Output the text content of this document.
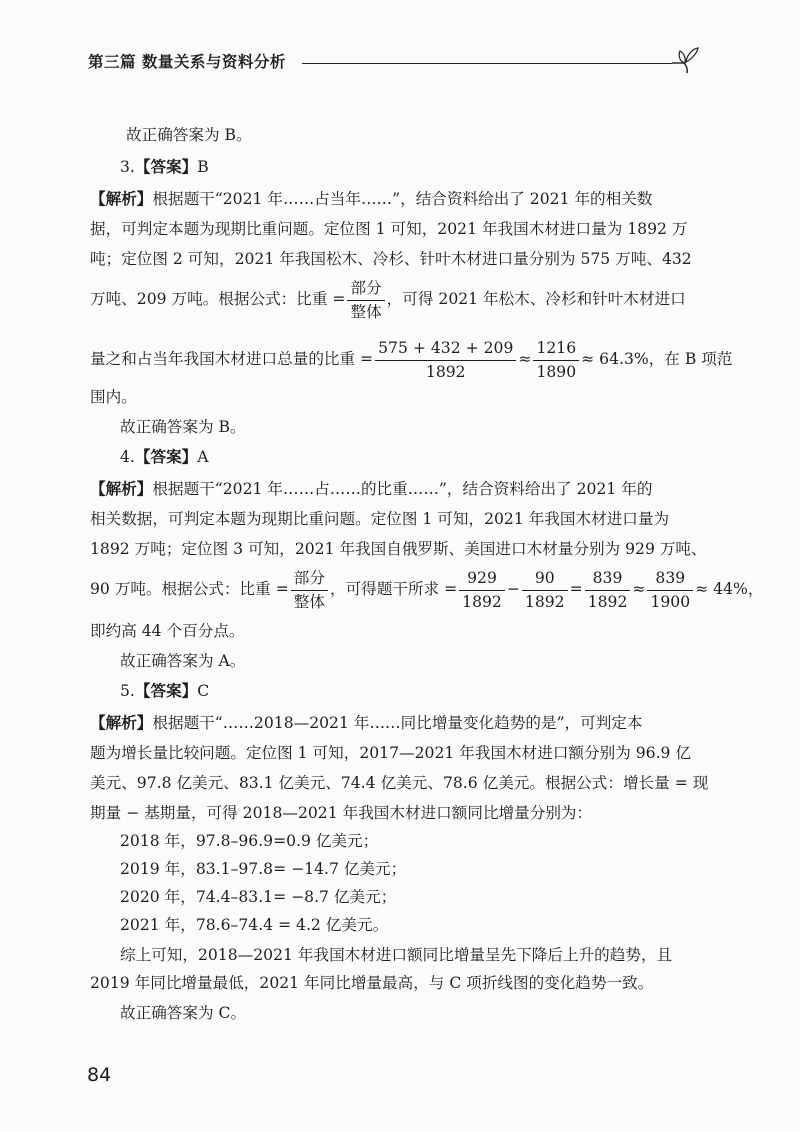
第三篇 数量关系与资料分析
故正确答案为 B。
3.【答案】B
【解析】根据题干“2021 年……占当年……”，结合资料给出了 2021 年的相关数
据，可判定本题为现期比重问题。定位图 1 可知，2021 年我国木材进口量为 1892 万
吨；定位图 2 可知，2021 年我国松木、冷杉、针叶木材进口量分别为 575 万吨、432
万吨、209 万吨。根据公式：比重 = $\frac{\text{部分}}{\text{整体}}$ ，可得 2021 年松木、冷杉和针叶木材进口
量之和占当年我国木材进口总量的比重 = $\frac{575 + 432 + 209}{1892} \approx \frac{1216}{1890} \approx 64.3\%$，在 B 项范
围内。
故正确答案为 B。
4.【答案】A
【解析】根据题干“2021 年……占……的比重……”，结合资料给出了 2021 年的
相关数据，可判定本题为现期比重问题。定位图 1 可知，2021 年我国木材进口量为
1892 万吨；定位图 3 可知，2021 年我国自俄罗斯、美国进口木材量分别为 929 万吨、
90 万吨。根据公式：比重 = $\frac{\text{部分}}{\text{整体}}$ ，可得题干所求 = $\frac{929}{1892} - \frac{90}{1892} = \frac{839}{1892} \approx \frac{839}{1900} \approx 44\%$，
即约高 44 个百分点。
故正确答案为 A。
5.【答案】C
【解析】根据题干“……2018—2021 年……同比增量变化趋势的是”，可判定本
题为增长量比较问题。定位图 1 可知，2017—2021 年我国木材进口额分别为 96.9 亿
美元、97.8 亿美元、83.1 亿美元、74.4 亿美元、78.6 亿美元。根据公式：增长量 = 现
期量 − 基期量，可得 2018—2021 年我国木材进口额同比增量分别为：
2018 年，97.8–96.9=0.9 亿美元；
2019 年，83.1–97.8= −14.7 亿美元；
2020 年，74.4–83.1= −8.7 亿美元；
2021 年，78.6–74.4 = 4.2 亿美元。
综上可知，2018—2021 年我国木材进口额同比增量呈先下降后上升的趋势，且
2019 年同比增量最低，2021 年同比增量最高，与 C 项折线图的变化趋势一致。
故正确答案为 C。
84
